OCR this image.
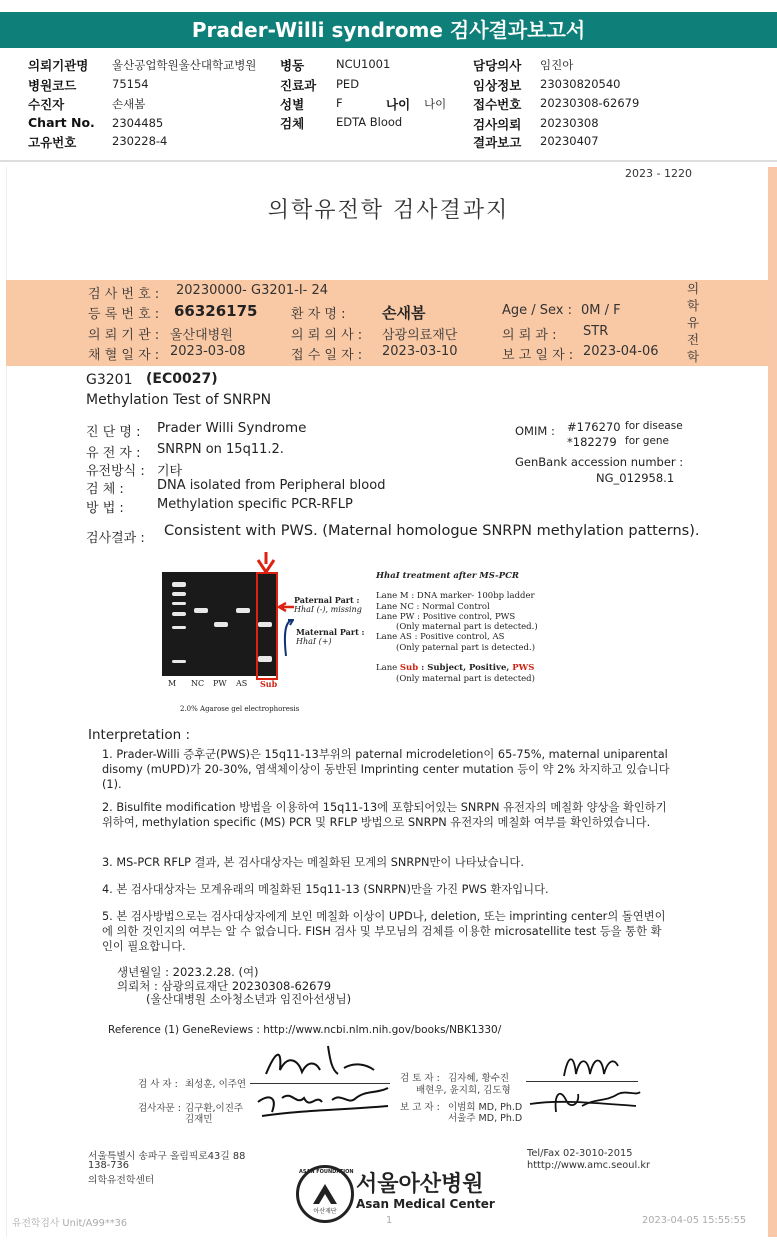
Prader-Willi syndrome 검사결과보고서
의뢰기관명 울산공업학원울산대학교병원
병원코드	75154
수진자	손새봄
Chart No. 2304485
고유번호	230228-4
병동	NCU1001
진료과 PED
성별	F	나이 나이
검체	EDTA Blood
담당의사 임진아
임상정보 23030820540
접수번호 20230308-62679
검사의뢰 20230308
결과보고 20230407
2023 - 1220
의학유전학 검사결과지
검 사 번 호 : 20230000- G3201-I- 24
등 록 번 호 : 66326175	환 자 명 : 손새봄	Age / Sex : 0M / F
의 뢰 기 관 : 울산대병원	의 뢰 의 사 : 삼광의료재단	의 뢰 과 : STR
채 혈 일 자 : 2023-03-08	접 수 일 자 : 2023-03-10	보 고 일 자 : 2023-04-06
의
학
유
전
학
G3201 (EC0027)
Methylation Test of SNRPN
진 단 명 : Prader Willi Syndrome
유 전 자 : SNRPN on 15q11.2.
유전방식 : 기타
검 체 :	DNA isolated from Peripheral blood
방 법 :	Methylation specific PCR-RFLP
OMIM : #176270 for disease
*182279 for gene
GenBank accession number :
NG_012958.1
검사결과 : Consistent with PWS. (Maternal homologue SNRPN methylation patterns).
Paternal Part :
HhaI (-), missing
Maternal Part :
HhaI (+)
M NC PW AS Sub
2.0% Agarose gel electrophoresis
HhaI treatment after MS-PCR
Lane M : DNA marker- 100bp ladder
Lane NC : Normal Control
Lane PW : Positive control, PWS
(Only maternal part is detected.)
Lane AS : Positive control, AS
(Only paternal part is detected.)
Lane Sub : Subject, Positive, PWS
(Only maternal part is detected)
Interpretation :
1. Prader-Willi 증후군(PWS)은 15q11-13부위의 paternal microdeletion이 65-75%, maternal uniparental disomy (mUPD)가 20-30%, 염색체이상이 동반된 Imprinting center mutation 등이 약 2% 차지하고 있습니다 (1).
2. Bisulfite modification 방법을 이용하여 15q11-13에 포함되어있는 SNRPN 유전자의 메칠화 양상을 확인하기 위하여, methylation specific (MS) PCR 및 RFLP 방법으로 SNRPN 유전자의 메칠화 여부를 확인하였습니다.
3. MS-PCR RFLP 결과, 본 검사대상자는 메칠화된 모계의 SNRPN만이 나타났습니다.
4. 본 검사대상자는 모계유래의 메칠화된 15q11-13 (SNRPN)만을 가진 PWS 환자입니다.
5. 본 검사방법으로는 검사대상자에게 보인 메칠화 이상이 UPD나, deletion, 또는 imprinting center의 돌연변이에 의한 것인지의 여부는 알 수 없습니다. FISH 검사 및 부모님의 검체를 이용한 microsatellite test 등을 통한 확인이 필요합니다.
생년월일 : 2023.2.28. (여)
의뢰처 : 삼광의료재단 20230308-62679
(울산대병원 소아청소년과 임진아선생님)
Reference (1) GeneReviews : http://www.ncbi.nlm.nih.gov/books/NBK1330/
검 사 자 : 최성훈, 이주연
검사자문 : 김구환,이진주
김재민
검 토 자 : 김자혜, 황수진
배현우, 윤지희, 김도형
보 고 자 : 이범희 MD, Ph.D
서울주 MD, Ph.D
서울특별시 송파구 올림픽로43길 88
138-736
의학유전학센터
Tel/Fax 02-3010-2015
htttp://www.amc.seoul.kr
ASAN FOUNDATION
아산재단
서울아산병원
Asan Medical Center
유전학검사 Unit/A99**36	1	2023-04-05 15:55:55
